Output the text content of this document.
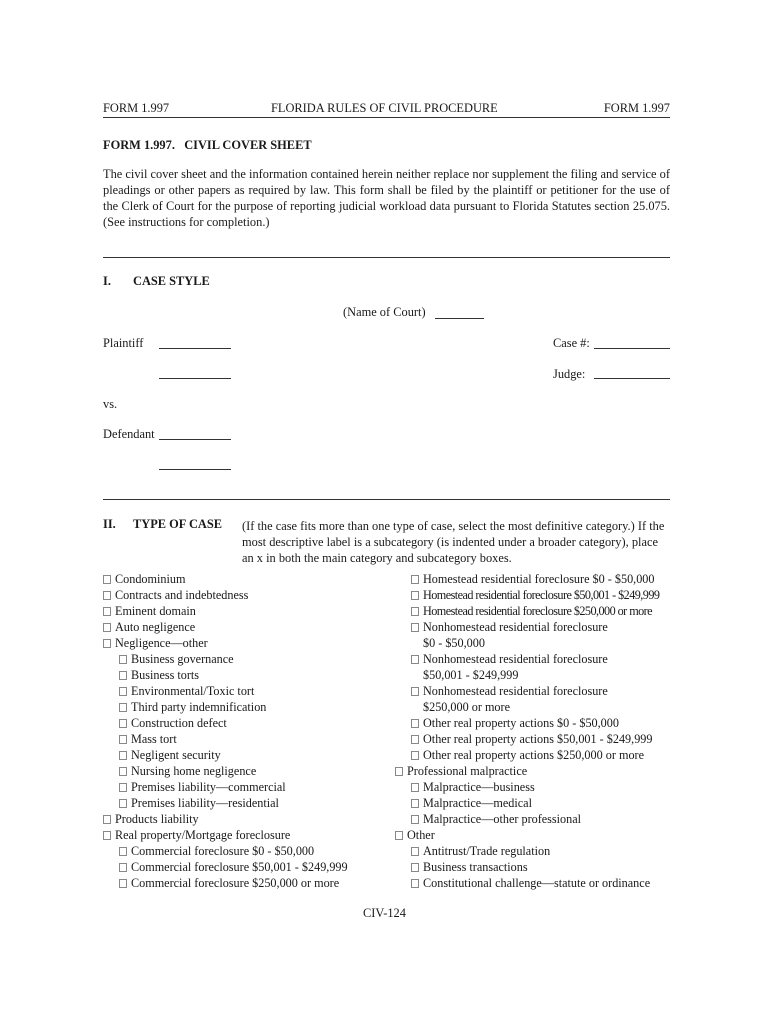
FORM 1.997	FLORIDA RULES OF CIVIL PROCEDURE	FORM 1.997
FORM 1.997.   CIVIL COVER SHEET
The civil cover sheet and the information contained herein neither replace nor supplement the filing and service of pleadings or other papers as required by law. This form shall be filed by the plaintiff or petitioner for the use of the Clerk of Court for the purpose of reporting judicial workload data pursuant to Florida Statutes section 25.075. (See instructions for completion.)
I. CASE STYLE
(Name of Court)
Plaintiff	Case #:
Judge:
vs.
Defendant
II. TYPE OF CASE (If the case fits more than one type of case, select the most definitive category.) If the most descriptive label is a subcategory (is indented under a broader category), place an x in both the main category and subcategory boxes.
Condominium
Contracts and indebtedness
Eminent domain
Auto negligence
Negligence—other
Business governance
Business torts
Environmental/Toxic tort
Third party indemnification
Construction defect
Mass tort
Negligent security
Nursing home negligence
Premises liability—commercial
Premises liability—residential
Products liability
Real property/Mortgage foreclosure
Commercial foreclosure $0 - $50,000
Commercial foreclosure $50,001 - $249,999
Commercial foreclosure $250,000 or more
Homestead residential foreclosure $0 - $50,000
Homestead residential foreclosure $50,001 - $249,999
Homestead residential foreclosure $250,000 or more
Nonhomestead residential foreclosure
$0 - $50,000
Nonhomestead residential foreclosure
$50,001 - $249,999
Nonhomestead residential foreclosure
$250,000 or more
Other real property actions $0 - $50,000
Other real property actions $50,001 - $249,999
Other real property actions $250,000 or more
Professional malpractice
Malpractice—business
Malpractice—medical
Malpractice—other professional
Other
Antitrust/Trade regulation
Business transactions
Constitutional challenge—statute or ordinance
CIV-124
